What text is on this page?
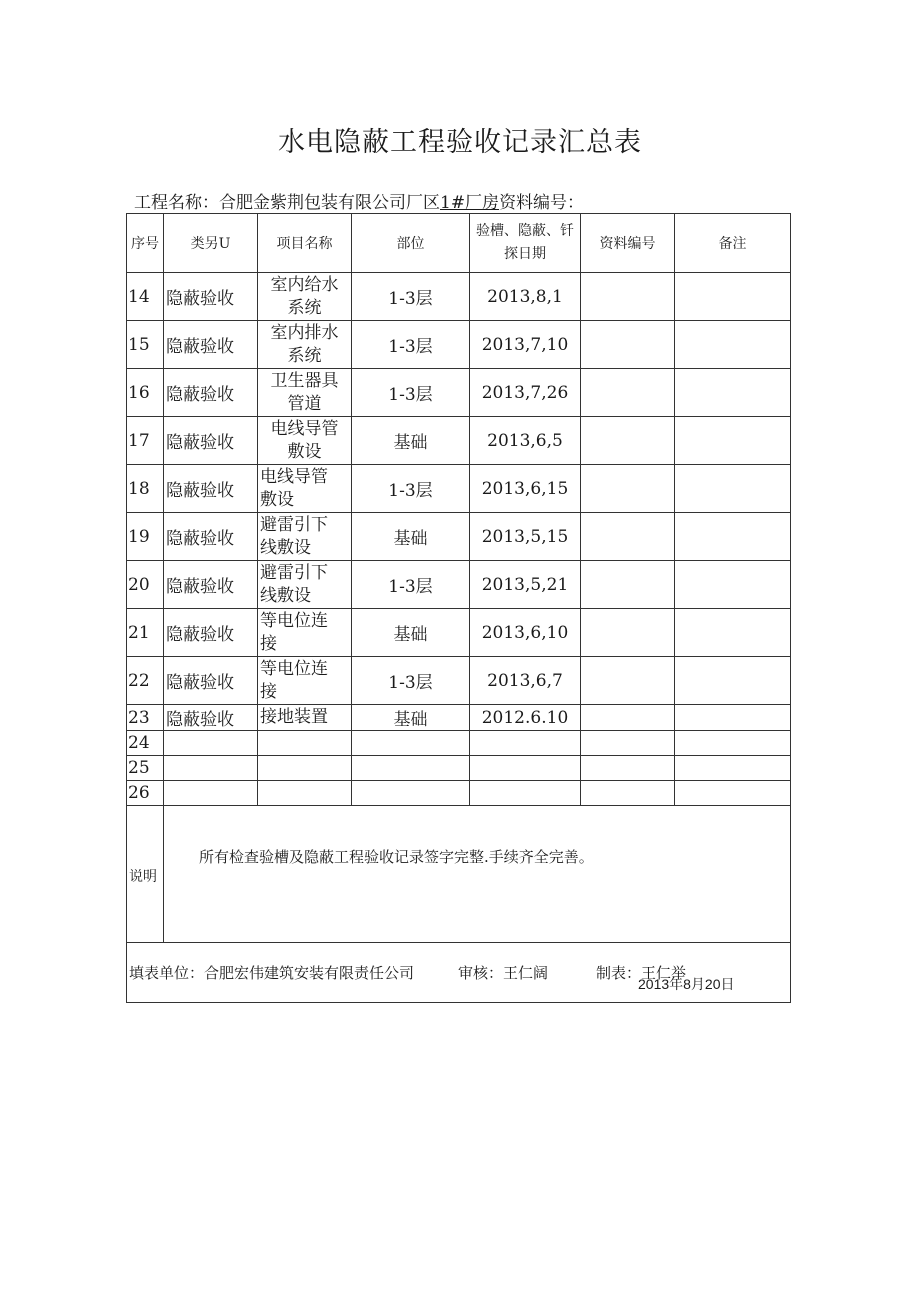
水电隐蔽工程验收记录汇总表
工程名称：合肥金紫荆包装有限公司厂区1#厂房资料编号：
序号	类另U	项目名称	部位	验槽、隐蔽、钎探日期	资料编号	备注
14	隐蔽验收	室内给水
系统	1-3层	2013,8,1		
15	隐蔽验收	室内排水
系统	1-3层	2013,7,10		
16	隐蔽验收	卫生器具
管道	1-3层	2013,7,26		
17	隐蔽验收	电线导管
敷设	基础	2013,6,5		
18	隐蔽验收	电线导管
敷设	1-3层	2013,6,15		
19	隐蔽验收	避雷引下
线敷设	基础	2013,5,15		
20	隐蔽验收	避雷引下
线敷设	1-3层	2013,5,21		
21	隐蔽验收	等电位连
接	基础	2013,6,10		
22	隐蔽验收	等电位连
接	1-3层	2013,6,7		
23	隐蔽验收	接地装置	基础	2012.6.10		
24						
25						
26						
说明	所有检查验槽及隐蔽工程验收记录签字完整.手续齐全完善。					
填表单位：合肥宏伟建筑安装有限责任公司 审核：王仁阔 制表：王仁举						
2013年8月20日
